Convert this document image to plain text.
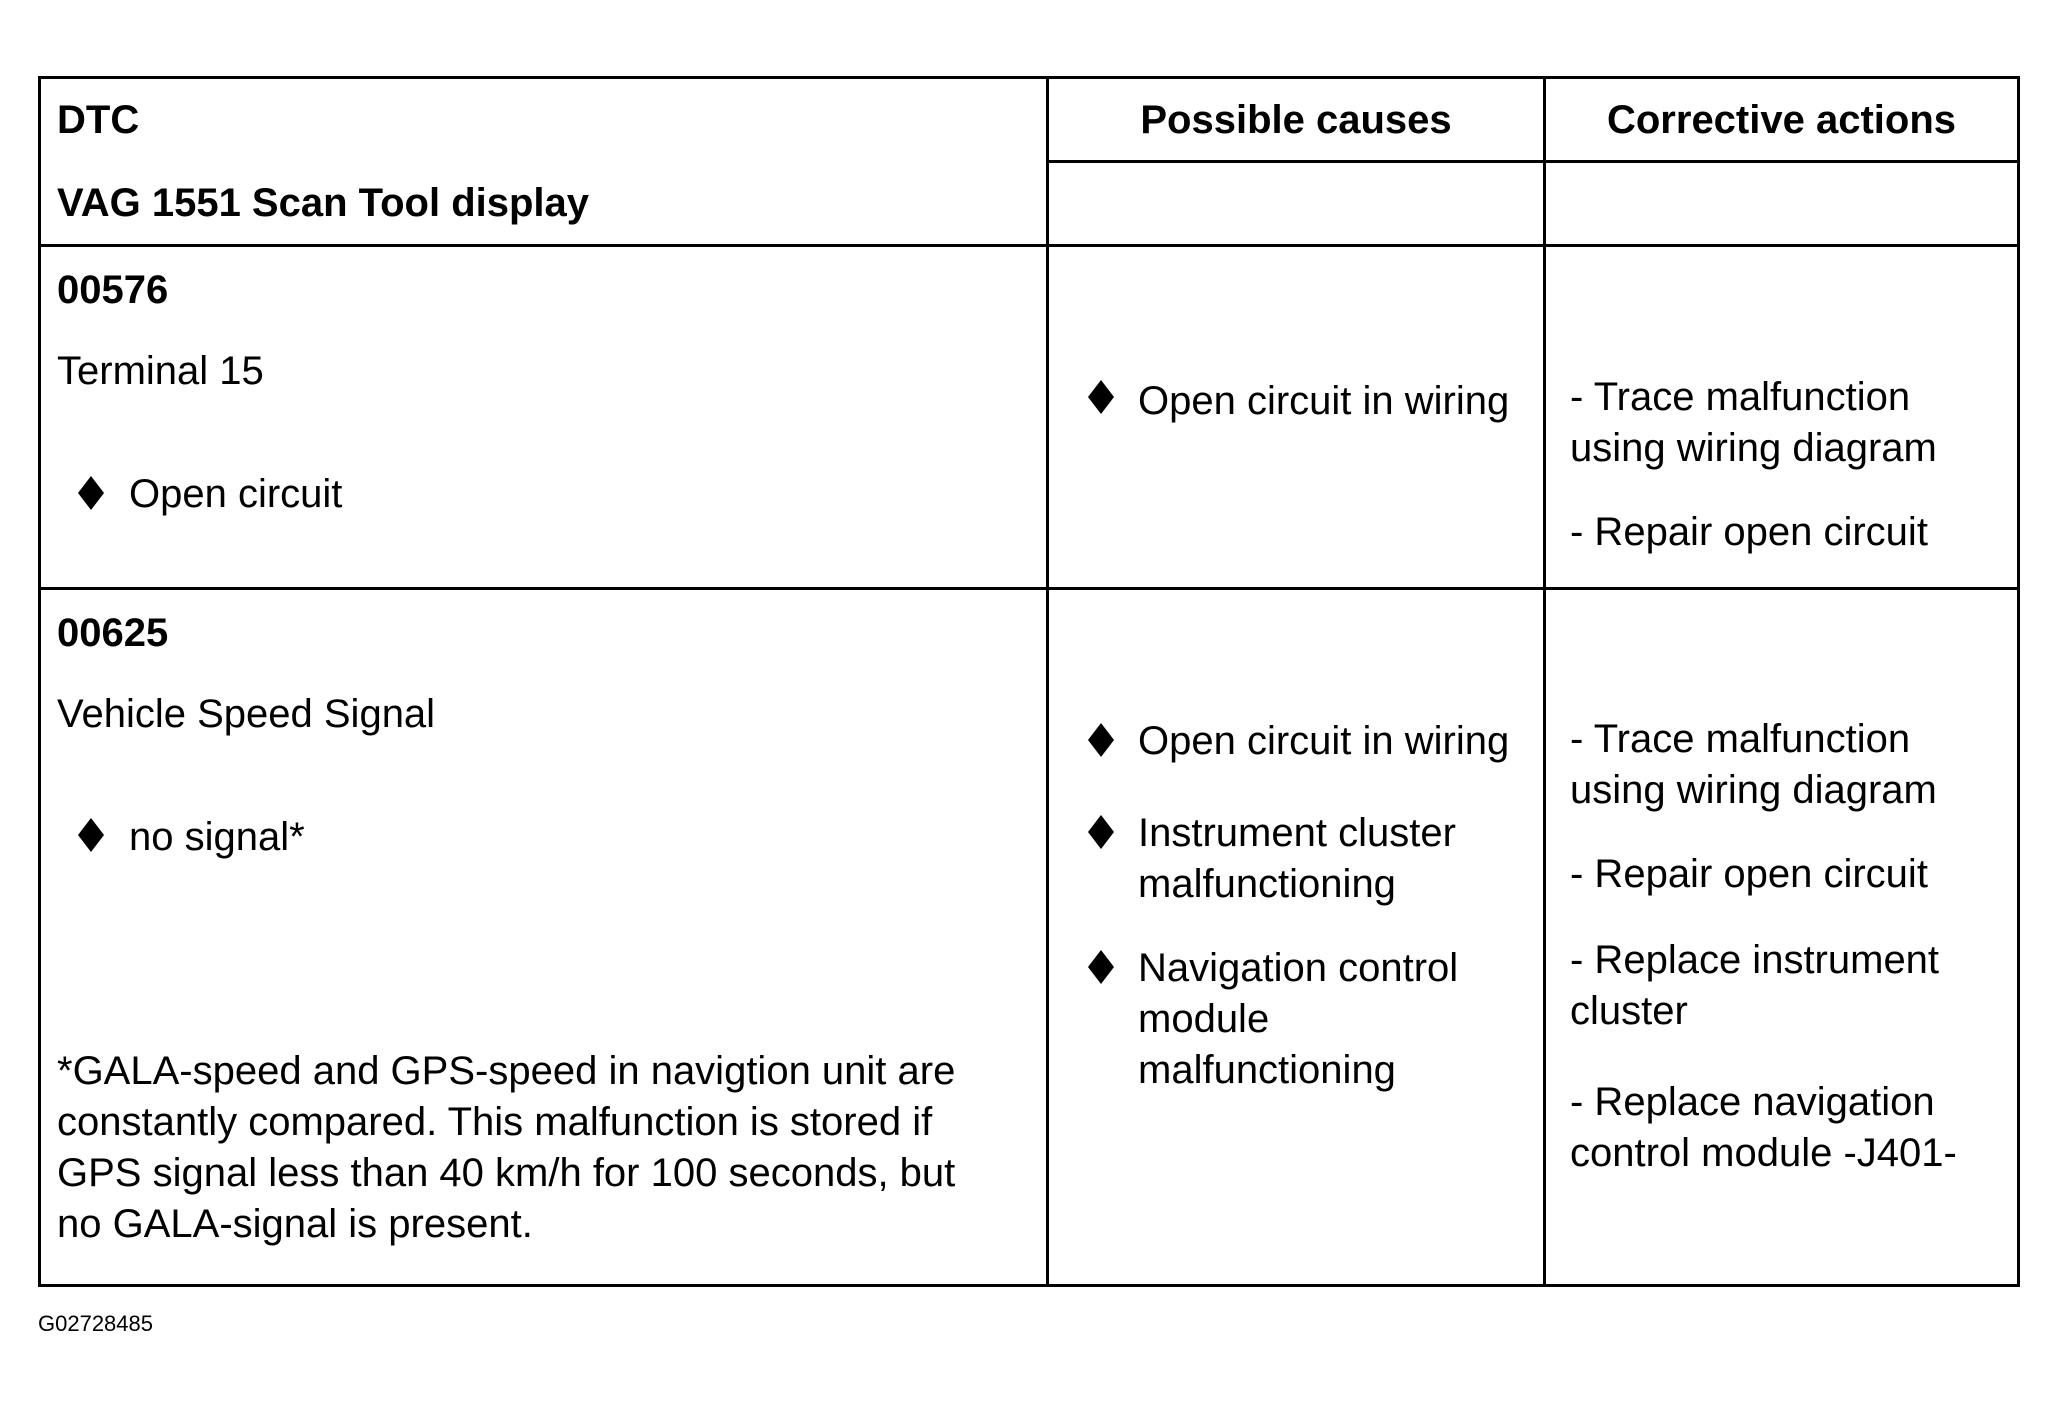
DTC
VAG 1551 Scan Tool display
Possible causes	Corrective actions
00576
Terminal 15
Open circuit
Open circuit in wiring - Trace malfunction
using wiring diagram
- Repair open circuit
00625
Vehicle Speed Signal
no signal*
*GALA-speed and GPS-speed in navigtion unit are
constantly compared. This malfunction is stored if
GPS signal less than 40 km/h for 100 seconds, but
no GALA-signal is present.
Open circuit in wiring
Instrument cluster
malfunctioning
Navigation control
module
malfunctioning
- Trace malfunction
using wiring diagram
- Repair open circuit
- Replace instrument
cluster
- Replace navigation
control module -J401-
G02728485
